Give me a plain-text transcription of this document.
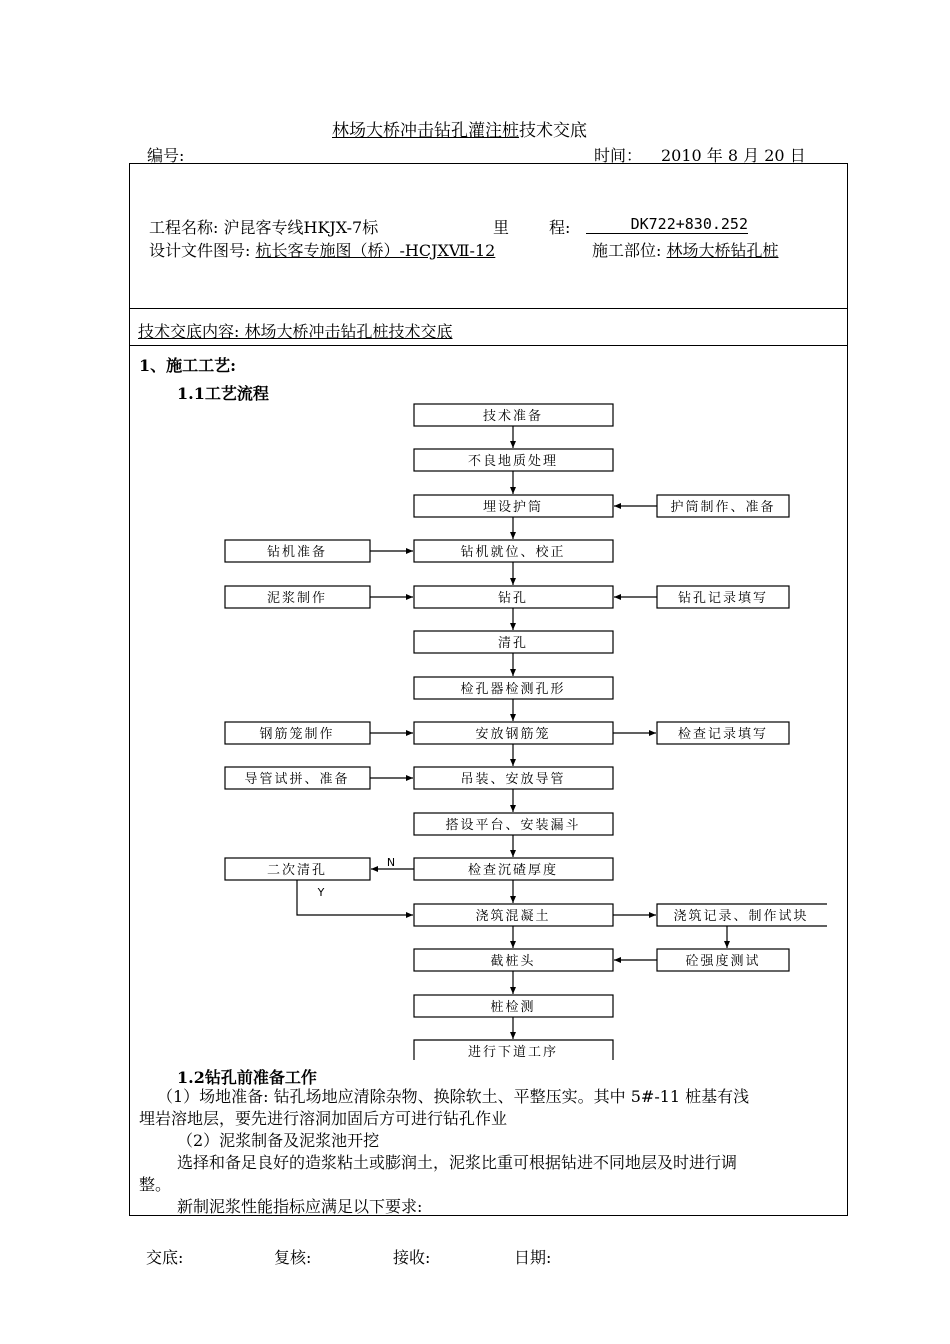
林场大桥冲击钻孔灌注桩技术交底
编号:	时间： 2010 年 8 月 20 日
工程名称: 沪昆客专线HKJX-7标	里 程:	DK722+830.252
设计文件图号: 杭长客专施图（桥）-HCJXⅦ-12	施工部位: 林场大桥钻孔桩
技术交底内容: 林场大桥冲击钻孔桩技术交底
1、施工工艺:
1.1工艺流程
技术准备
不良地质处理
埋设护筒
钻机就位、校正
钻孔
清孔
检孔器检测孔形
安放钢筋笼
吊装、安放导管
搭设平台、安装漏斗
检查沉碴厚度
浇筑混凝土
截桩头
桩检测
进行下道工序
钻机准备
泥浆制作
钢筋笼制作
导管试拼、准备
二次清孔
护筒制作、准备
钻孔记录填写
检查记录填写
浇筑记录、制作试块
砼强度测试
N
Y
1.2钻孔前准备工作
（1）场地准备: 钻孔场地应清除杂物、换除软土、平整压实。其中 5#-11 桩基有浅
埋岩溶地层，要先进行溶洞加固后方可进行钻孔作业
（2）泥浆制备及泥浆池开挖
选择和备足良好的造浆粘土或膨润土，泥浆比重可根据钻进不同地层及时进行调
整。
新制泥浆性能指标应满足以下要求:
交底:	复核:	接收:	日期:
